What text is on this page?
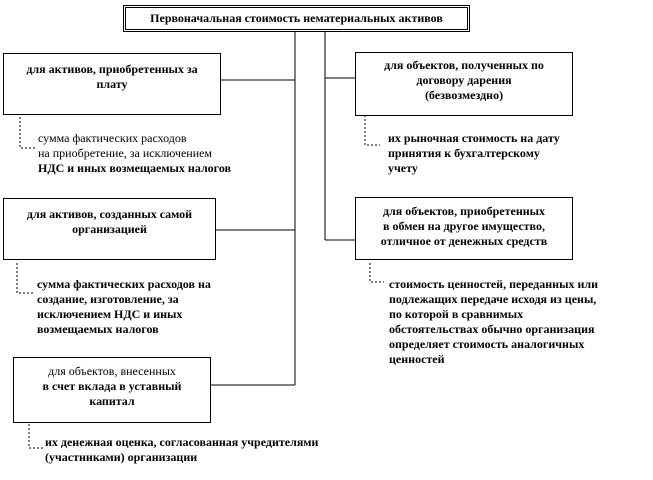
Первоначальная стоимость нематериальных активов
для активов, приобретенных за
плату
сумма фактических расходов
на приобретение, за исключением
НДС и иных возмещаемых налогов
для активов, созданных самой
организацией
сумма фактических расходов на
создание, изготовление, за
исключением НДС и иных
возмещаемых налогов
для объектов, внесенных
в счет вклада в уставный
капитал
их денежная оценка, согласованная учредителями
(участниками) организации
для объектов, полученных по
договору дарения
(безвозмездно)
их рыночная стоимость на дату
принятия к бухгалтерскому
учету
для объектов, приобретенных
в обмен на другое имущество,
отличное от денежных средств
стоимость ценностей, переданных или
подлежащих передаче исходя из цены,
по которой в сравнимых
обстоятельствах обычно организация
определяет стоимость аналогичных
ценностей
